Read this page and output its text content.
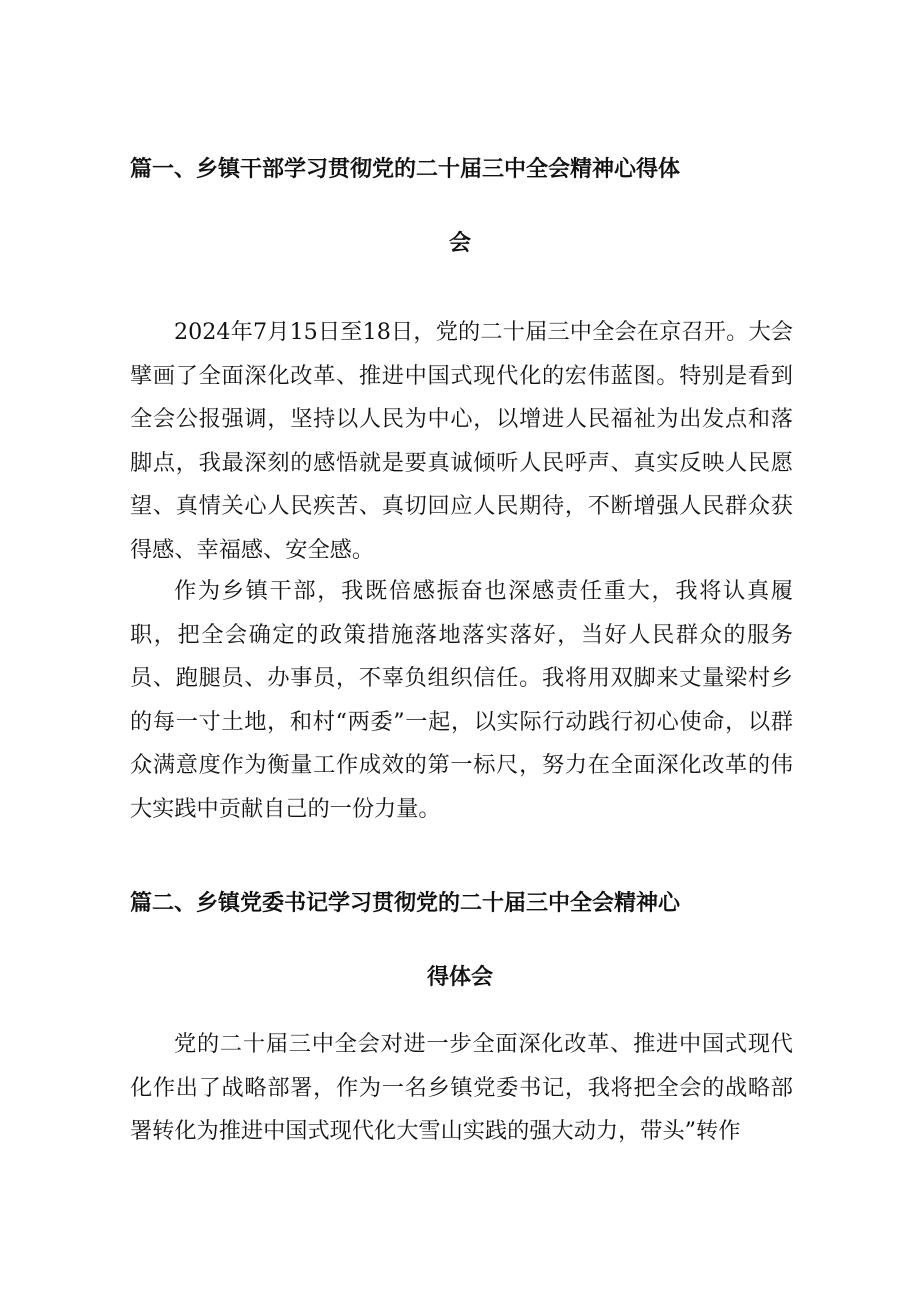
篇一、乡镇干部学习贯彻党的二十届三中全会精神心得体
会

2024年7月15日至18日，党的二十届三中全会在京召开。大会擘画了全面深化改革、推进中国式现代化的宏伟蓝图。特别是看到全会公报强调，坚持以人民为中心，以增进人民福祉为出发点和落脚点，我最深刻的感悟就是要真诚倾听人民呼声、真实反映人民愿望、真情关心人民疾苦、真切回应人民期待，不断增强人民群众获得感、幸福感、安全感。

作为乡镇干部，我既倍感振奋也深感责任重大，我将认真履职，把全会确定的政策措施落地落实落好，当好人民群众的服务员、跑腿员、办事员，不辜负组织信任。我将用双脚来丈量梁村乡的每一寸土地，和村“两委”一起，以实际行动践行初心使命，以群众满意度作为衡量工作成效的第一标尺，努力在全面深化改革的伟大实践中贡献自己的一份力量。

篇二、乡镇党委书记学习贯彻党的二十届三中全会精神心
得体会

党的二十届三中全会对进一步全面深化改革、推进中国式现代化作出了战略部署，作为一名乡镇党委书记，我将把全会的战略部署转化为推进中国式现代化大雪山实践的强大动力，带头”转作
